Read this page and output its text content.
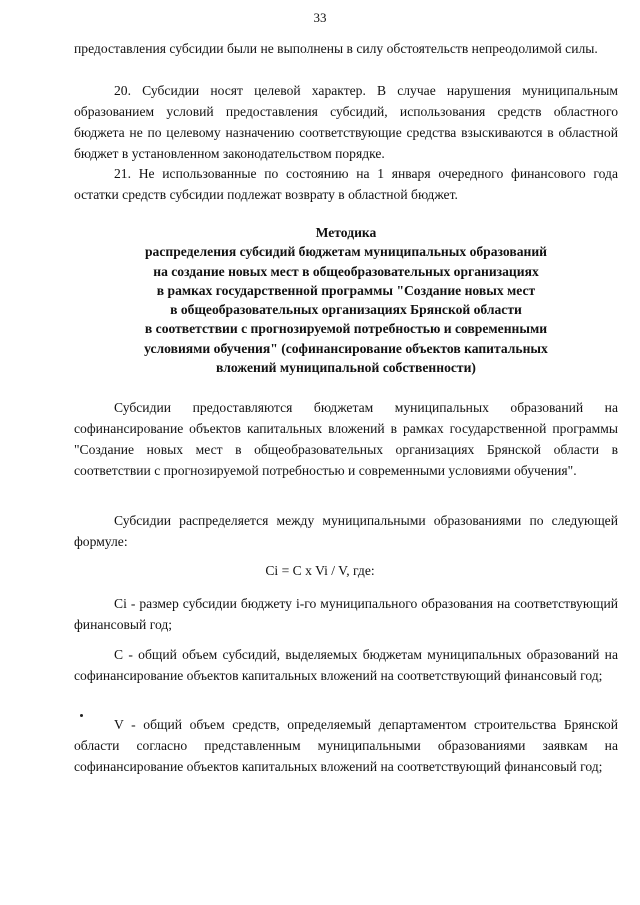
33

предоставления субсидии были не выполнены в силу обстоятельств непреодолимой силы.

20. Субсидии носят целевой характер. В случае нарушения муниципальным образованием условий предоставления субсидий, использования средств областного бюджета не по целевому назначению соответствующие средства взыскиваются в областной бюджет в установленном законодательством порядке.

21. Не использованные по состоянию на 1 января очередного финансового года остатки средств субсидии подлежат возврату в областной бюджет.

Методика
распределения субсидий бюджетам муниципальных образований
на создание новых мест в общеобразовательных организациях
в рамках государственной программы "Создание новых мест
в общеобразовательных организациях Брянской области
в соответствии с прогнозируемой потребностью и современными
условиями обучения" (софинансирование объектов капитальных
вложений муниципальной собственности)

Субсидии предоставляются бюджетам муниципальных образований на софинансирование объектов капитальных вложений в рамках государственной программы "Создание новых мест в общеобразовательных организациях Брянской области в соответствии с прогнозируемой потребностью и современными условиями обучения".

Субсидии распределяется между муниципальными образованиями по следующей формуле:

Ci = C x Vi / V, где:

Ci - размер субсидии бюджету i-го муниципального образования на соответствующий финансовый год;

C - общий объем субсидий, выделяемых бюджетам муниципальных образований на софинансирование объектов капитальных вложений на соответствующий финансовый год;

V - общий объем средств, определяемый департаментом строительства Брянской области согласно представленным муниципальными образованиями заявкам на софинансирование объектов капитальных вложений на соответствующий финансовый год;
